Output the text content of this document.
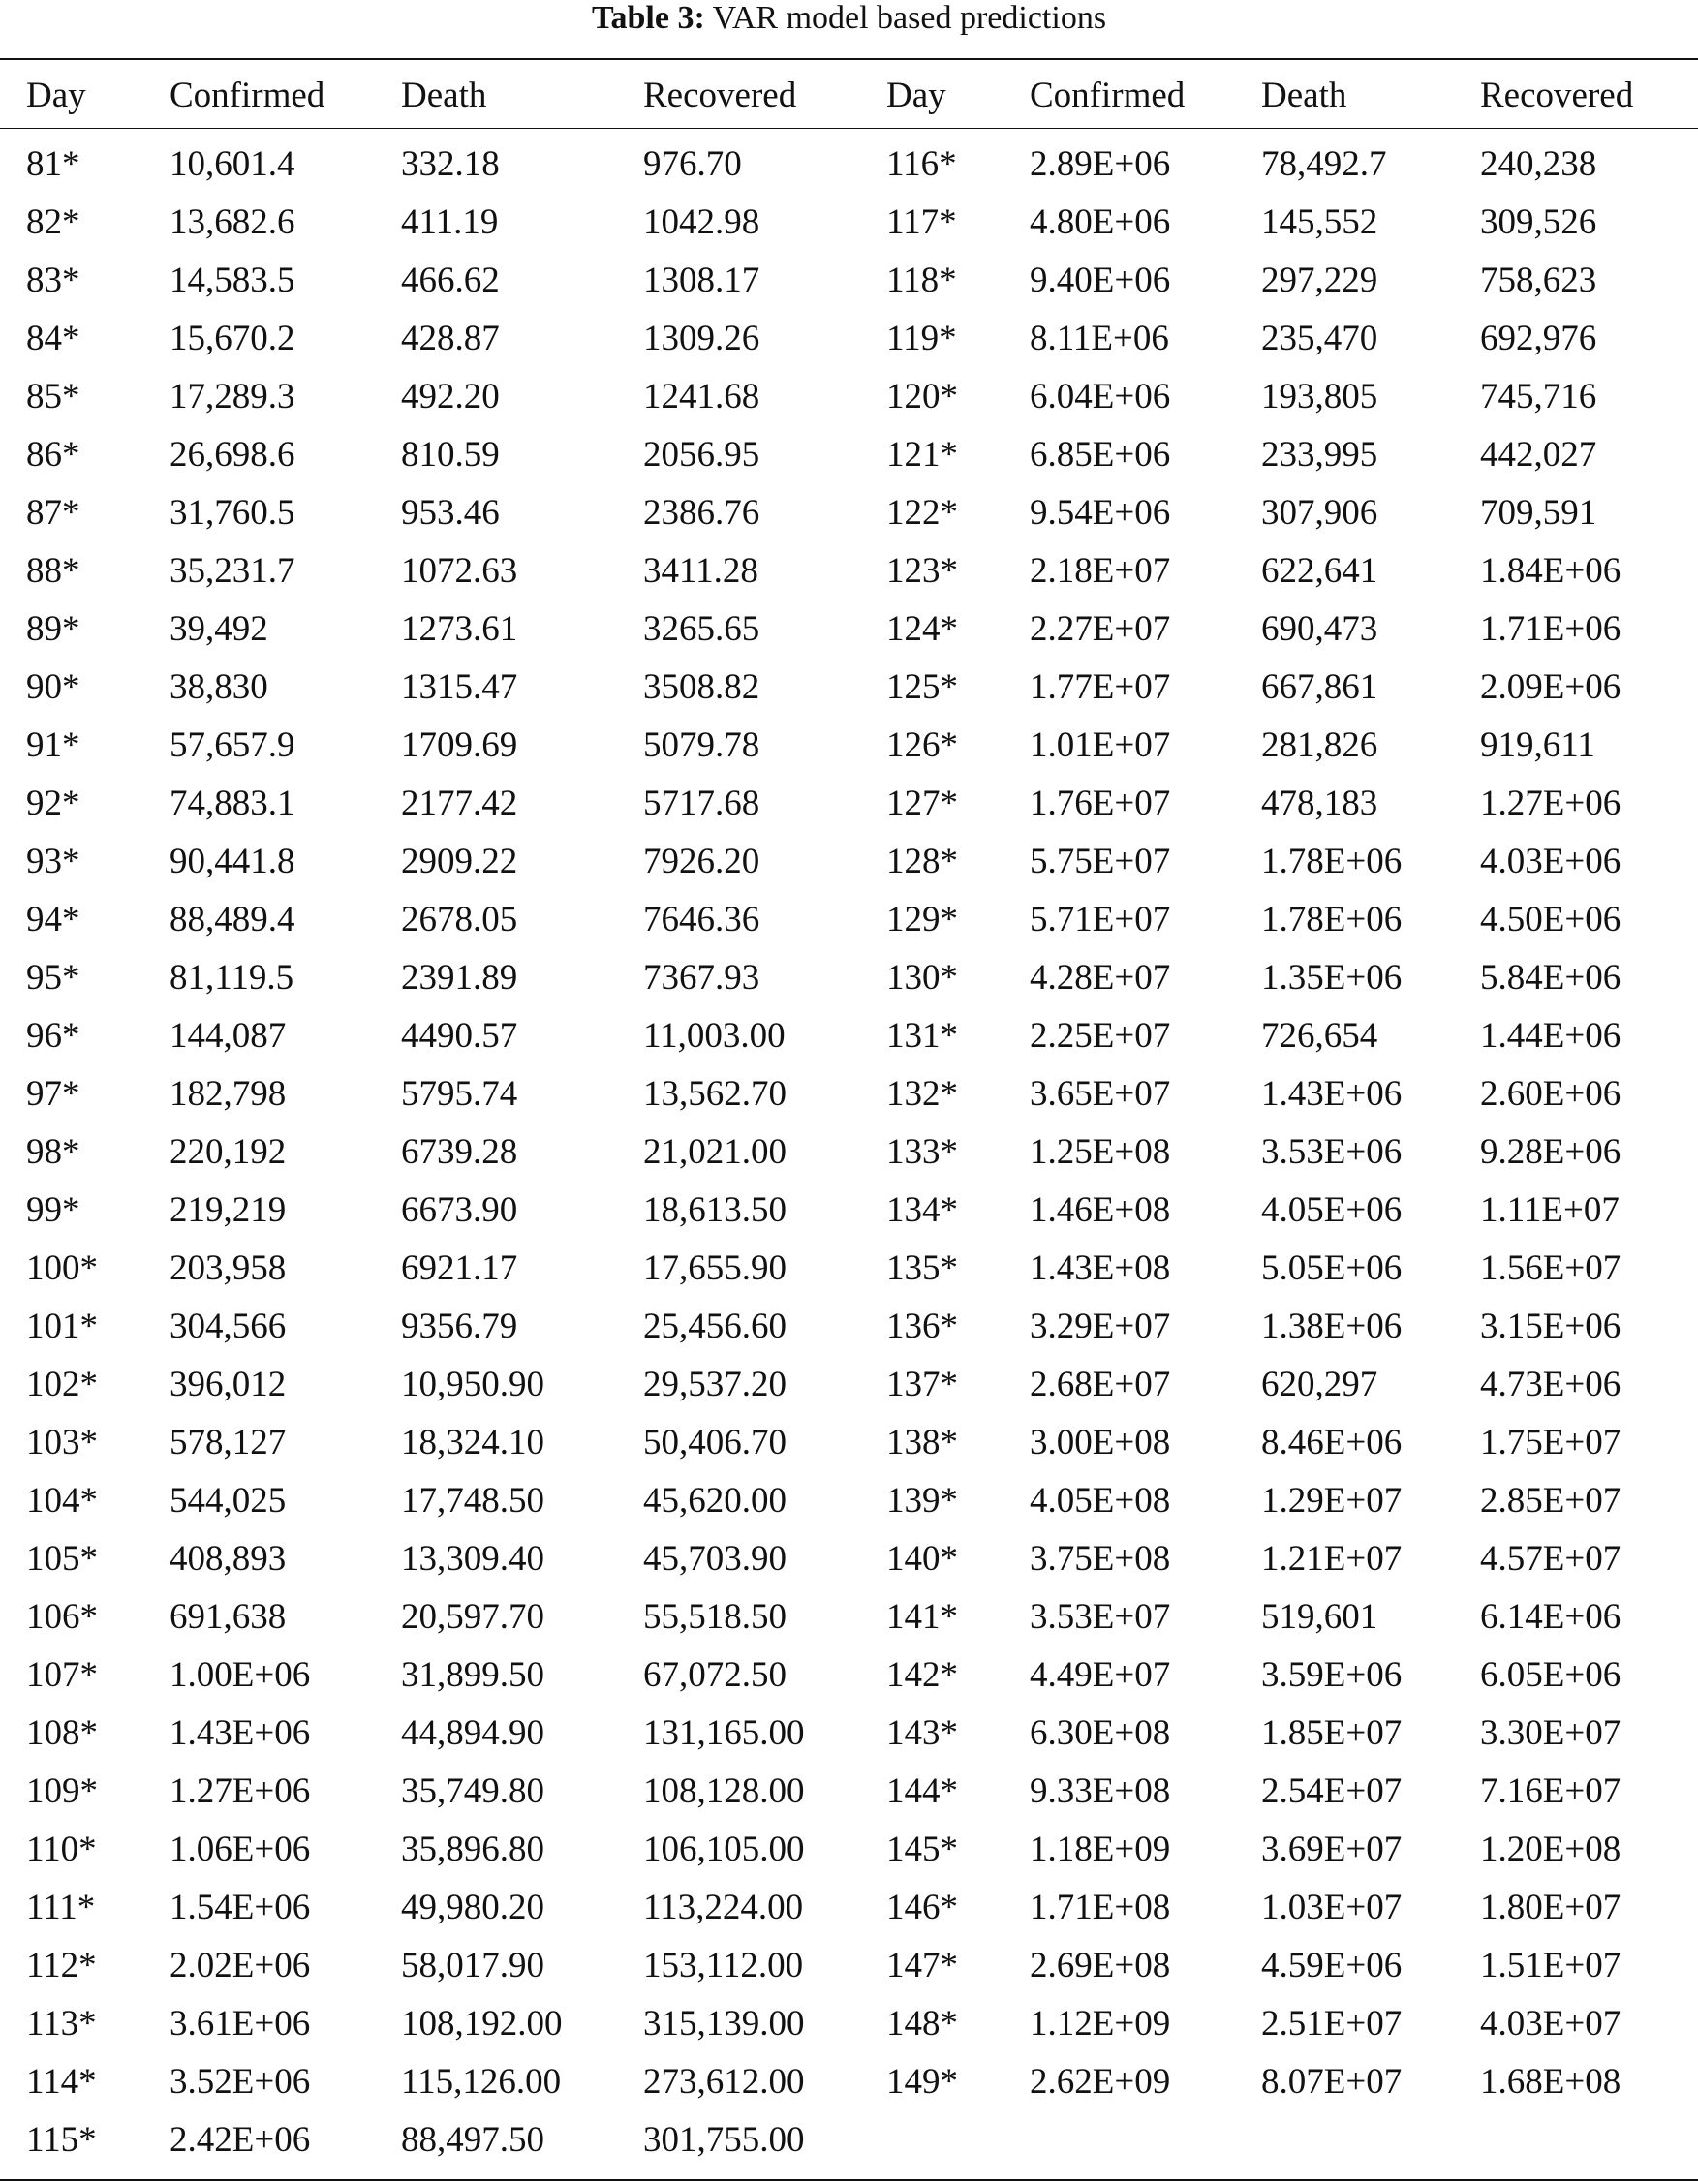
Table 3: VAR model based predictions
Day Confirmed Death	Recovered	Day Confirmed Death	Recovered
81*	10,601.4	332.18	976.70	116* 2.89E+06	78,492.7	240,238
82*	13,682.6	411.19	1042.98	117* 4.80E+06	145,552	309,526
83*	14,583.5	466.62	1308.17	118* 9.40E+06	297,229	758,623
84*	15,670.2	428.87	1309.26	119* 8.11E+06	235,470	692,976
85*	17,289.3	492.20	1241.68	120* 6.04E+06	193,805	745,716
86*	26,698.6	810.59	2056.95	121* 6.85E+06	233,995	442,027
87*	31,760.5	953.46	2386.76	122* 9.54E+06	307,906	709,591
88*	35,231.7	1072.63	3411.28	123* 2.18E+07	622,641	1.84E+06
89*	39,492	1273.61	3265.65	124* 2.27E+07	690,473	1.71E+06
90*	38,830	1315.47	3508.82	125* 1.77E+07	667,861	2.09E+06
91*	57,657.9	1709.69	5079.78	126* 1.01E+07	281,826	919,611
92*	74,883.1	2177.42	5717.68	127* 1.76E+07	478,183	1.27E+06
93*	90,441.8	2909.22	7926.20	128* 5.75E+07	1.78E+06 4.03E+06
94*	88,489.4	2678.05	7646.36	129* 5.71E+07	1.78E+06 4.50E+06
95*	81,119.5	2391.89	7367.93	130* 4.28E+07	1.35E+06 5.84E+06
96*	144,087	4490.57	11,003.00	131* 2.25E+07	726,654	1.44E+06
97*	182,798	5795.74	13,562.70	132* 3.65E+07	1.43E+06 2.60E+06
98*	220,192	6739.28	21,021.00	133* 1.25E+08	3.53E+06 9.28E+06
99*	219,219	6673.90	18,613.50	134* 1.46E+08	4.05E+06 1.11E+07
100* 203,958	6921.17	17,655.90	135* 1.43E+08	5.05E+06 1.56E+07
101* 304,566	9356.79	25,456.60	136* 3.29E+07	1.38E+06 3.15E+06
102* 396,012	10,950.90	29,537.20	137* 2.68E+07	620,297	4.73E+06
103* 578,127	18,324.10	50,406.70	138* 3.00E+08	8.46E+06 1.75E+07
104* 544,025	17,748.50	45,620.00	139* 4.05E+08	1.29E+07 2.85E+07
105* 408,893	13,309.40	45,703.90	140* 3.75E+08	1.21E+07 4.57E+07
106* 691,638	20,597.70	55,518.50	141* 3.53E+07	519,601	6.14E+06
107* 1.00E+06	31,899.50	67,072.50	142* 4.49E+07	3.59E+06 6.05E+06
108* 1.43E+06	44,894.90	131,165.00 143* 6.30E+08	1.85E+07 3.30E+07
109* 1.27E+06	35,749.80	108,128.00 144* 9.33E+08	2.54E+07 7.16E+07
110* 1.06E+06	35,896.80	106,105.00 145* 1.18E+09	3.69E+07 1.20E+08
111* 1.54E+06	49,980.20	113,224.00 146* 1.71E+08	1.03E+07 1.80E+07
112* 2.02E+06	58,017.90	153,112.00 147* 2.69E+08	4.59E+06 1.51E+07
113* 3.61E+06	108,192.00 315,139.00 148* 1.12E+09	2.51E+07 4.03E+07
114* 3.52E+06	115,126.00 273,612.00 149* 2.62E+09	8.07E+07 1.68E+08
115* 2.42E+06	88,497.50	301,755.00
